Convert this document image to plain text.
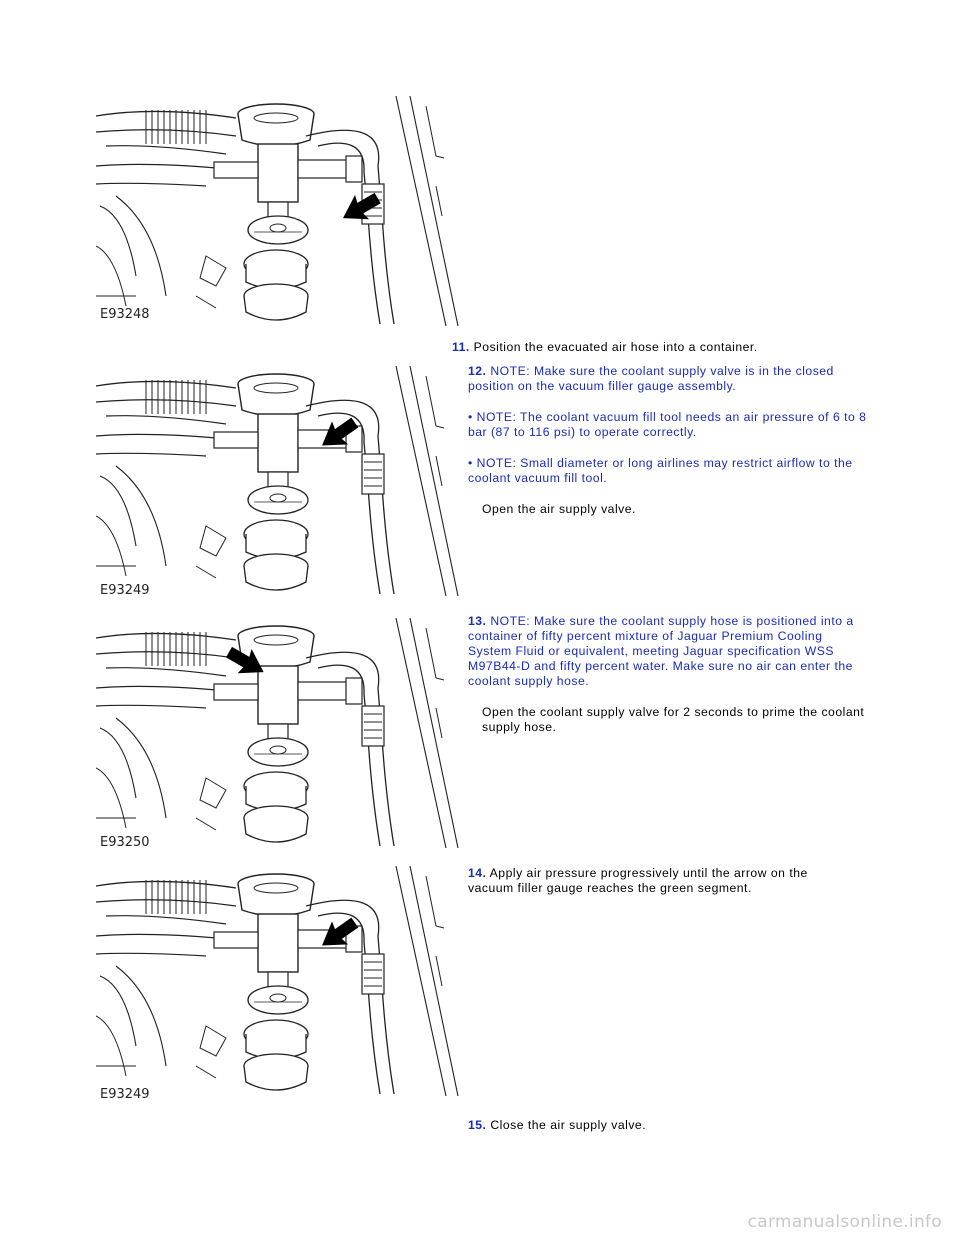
E93248
11. Position the evacuated air hose into a container.
E93249

12. NOTE: Make sure the coolant supply valve is in the closed position on the vacuum filler gauge assembly.

• NOTE: The coolant vacuum fill tool needs an air pressure of 6 to 8 bar (87 to 116 psi) to operate correctly.

• NOTE: Small diameter or long airlines may restrict airflow to the coolant vacuum fill tool.

Open the air supply valve.

E93250

13. NOTE: Make sure the coolant supply hose is positioned into a container of fifty percent mixture of Jaguar Premium Cooling System Fluid or equivalent, meeting Jaguar specification WSS M97B44-D and fifty percent water. Make sure no air can enter the coolant supply hose.

Open the coolant supply valve for 2 seconds to prime the coolant supply hose.

E93249
14. Apply air pressure progressively until the arrow on the vacuum filler gauge reaches the green segment.
15. Close the air supply valve.
carmanualsonline.info
